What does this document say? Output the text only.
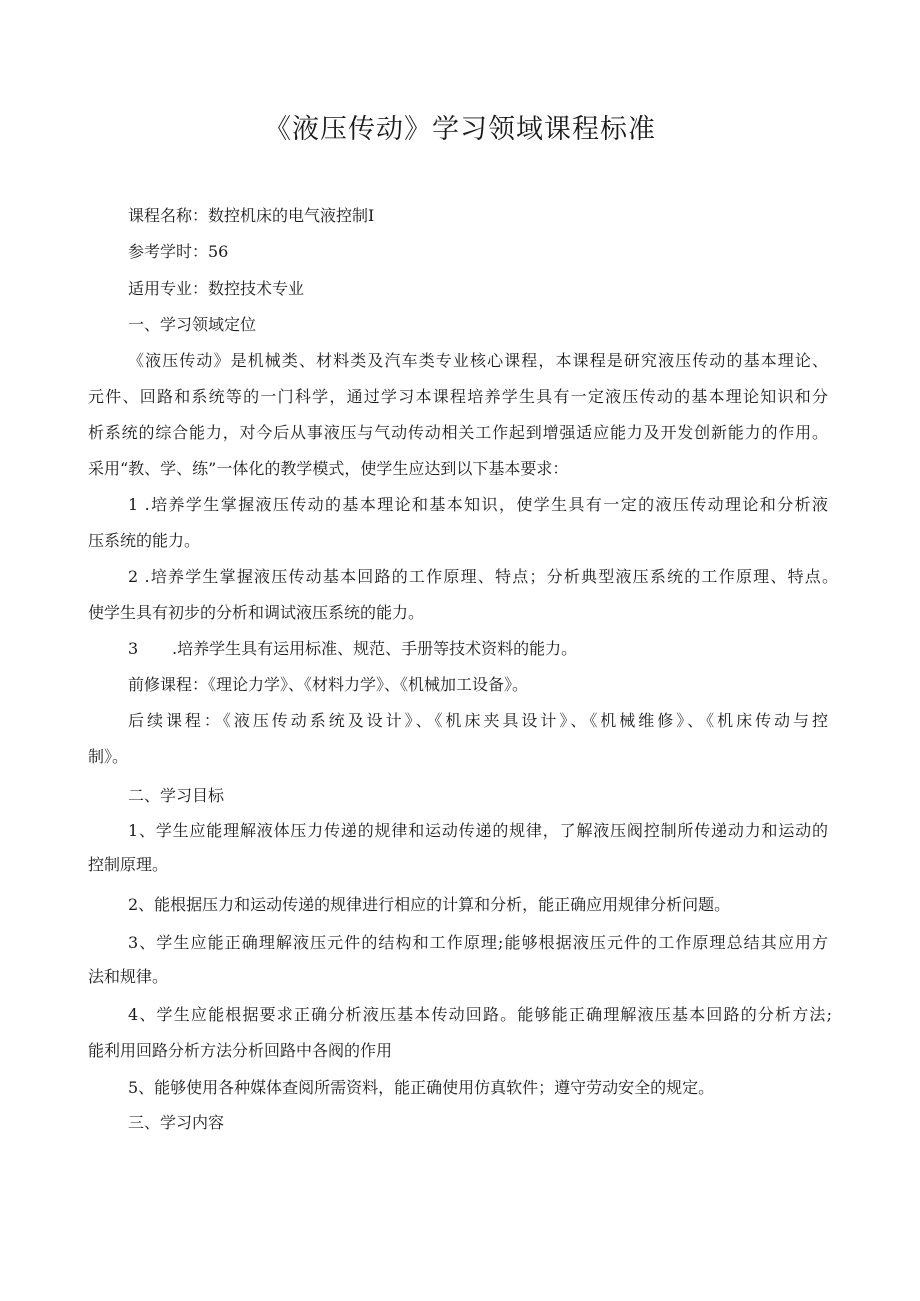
《液压传动》学习领域课程标准
课程名称：数控机床的电气液控制Ⅰ
参考学时：56
适用专业：数控技术专业
一、学习领域定位
《液压传动》是机械类、材料类及汽车类专业核心课程，本课程是研究液压传动的基本理论、
元件、回路和系统等的一门科学，通过学习本课程培养学生具有一定液压传动的基本理论知识和分
析系统的综合能力，对今后从事液压与气动传动相关工作起到增强适应能力及开发创新能力的作用。
采用“教、学、练”一体化的教学模式，使学生应达到以下基本要求：
1 .培养学生掌握液压传动的基本理论和基本知识，使学生具有一定的液压传动理论和分析液
压系统的能力。
2 .培养学生掌握液压传动基本回路的工作原理、特点；分析典型液压系统的工作原理、特点。
使学生具有初步的分析和调试液压系统的能力。
3 .培养学生具有运用标准、规范、手册等技术资料的能力。
前修课程：《理论力学》、《材料力学》、《机械加工设备》。
后续课程：《液压传动系统及设计》、《机床夹具设计》、《机械维修》、《机床传动与控
制》。
二、学习目标
1、学生应能理解液体压力传递的规律和运动传递的规律，了解液压阀控制所传递动力和运动的
控制原理。
2、能根据压力和运动传递的规律进行相应的计算和分析，能正确应用规律分析问题。
3、学生应能正确理解液压元件的结构和工作原理;能够根据液压元件的工作原理总结其应用方
法和规律。
4、学生应能根据要求正确分析液压基本传动回路。能够能正确理解液压基本回路的分析方法;
能利用回路分析方法分析回路中各阀的作用
5、能够使用各种媒体查阅所需资料，能正确使用仿真软件；遵守劳动安全的规定。
三、学习内容
